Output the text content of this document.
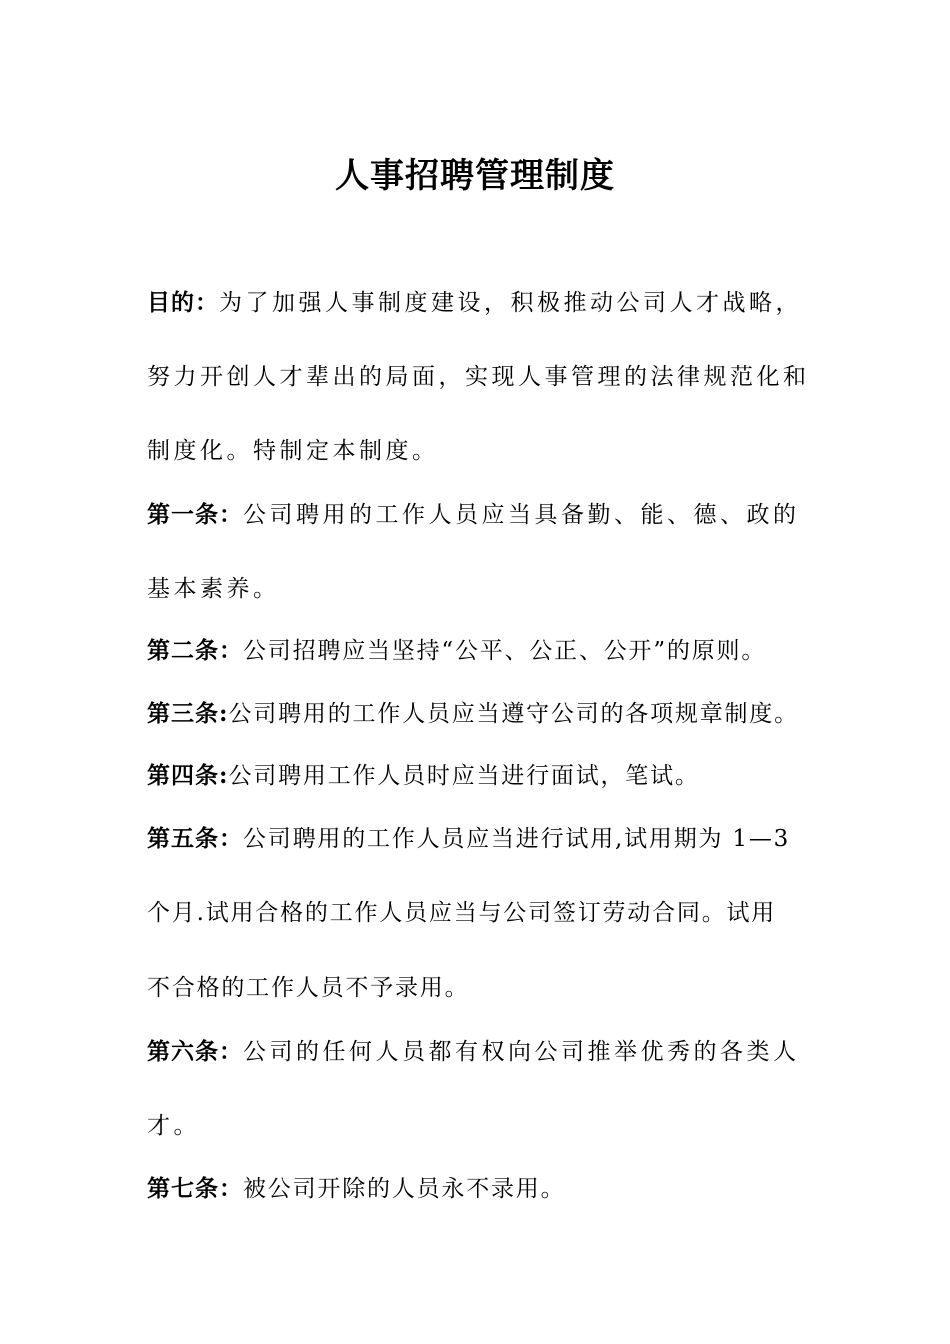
人事招聘管理制度
目的：为了加强人事制度建设，积极推动公司人才战略，
努力开创人才辈出的局面，实现人事管理的法律规范化和
制度化。特制定本制度。
第一条：公司聘用的工作人员应当具备勤、能、德、政的
基本素养。
第二条：公司招聘应当坚持“公平、公正、公开”的原则。
第三条:公司聘用的工作人员应当遵守公司的各项规章制度。
第四条:公司聘用工作人员时应当进行面试，笔试。
第五条：公司聘用的工作人员应当进行试用,试用期为 1—3
个月.试用合格的工作人员应当与公司签订劳动合同。试用
不合格的工作人员不予录用。
第六条：公司的任何人员都有权向公司推举优秀的各类人
才。
第七条：被公司开除的人员永不录用。
